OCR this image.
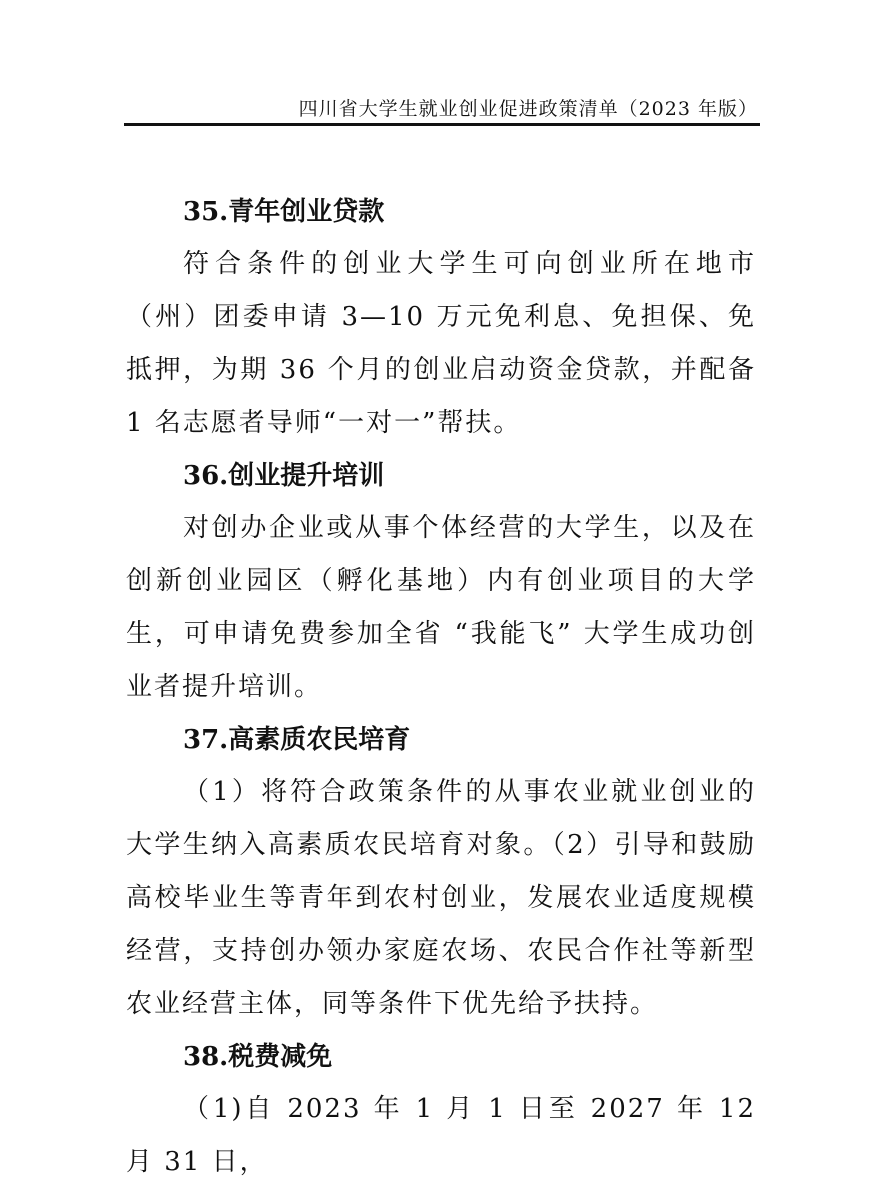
四川省大学生就业创业促进政策清单（2023 年版）
35.青年创业贷款

符合条件的创业大学生可向创业所在地市（州）团委申请 3—10 万元免利息、免担保、免抵押，为期 36 个月的创业启动资金贷款，并配备 1 名志愿者导师“一对一”帮扶。

36.创业提升培训

对创办企业或从事个体经营的大学生，以及在创新创业园区（孵化基地）内有创业项目的大学生，可申请免费参加全省 “我能飞” 大学生成功创业者提升培训。

37.高素质农民培育

（1）将符合政策条件的从事农业就业创业的大学生纳入高素质农民培育对象。（2）引导和鼓励高校毕业生等青年到农村创业，发展农业适度规模经营，支持创办领办家庭农场、农民合作社等新型农业经营主体，同等条件下优先给予扶持。

38.税费减免

（1)自 2023 年 1 月 1 日至 2027 年 12 月 31 日，
